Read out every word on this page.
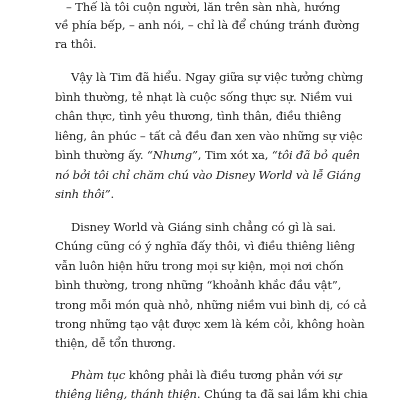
– Thế là tôi cuộn người, lăn trên sàn nhà, hướng
về phía bếp, – anh nói, – chỉ là để chúng tránh đường
ra thôi.
Vậy là Tim đã hiểu. Ngay giữa sự việc tưởng chừng
bình thường, tẻ nhạt là cuộc sống thực sự. Niềm vui
chân thực, tình yêu thương, tình thân, điều thiêng
liêng, ân phúc – tất cả đều đan xen vào những sự việc
bình thường ấy. “Nhưng”, Tim xót xa, “tôi đã bỏ quên
nó bởi tôi chỉ chăm chú vào Disney World và lễ Giáng
sinh thôi”.
Disney World và Giáng sinh chẳng có gì là sai.
Chúng cũng có ý nghĩa đấy thôi, vì điều thiêng liêng
vẫn luôn hiện hữu trong mọi sự kiện, mọi nơi chốn
bình thường, trong những “khoảnh khắc đầu vật”,
trong mỗi món quà nhỏ, những niềm vui bình dị, có cả
trong những tạo vật được xem là kém cỏi, không hoàn
thiện, dễ tổn thương.
Phàm tục không phải là điều tương phản với sự
thiêng liêng, thánh thiện. Chúng ta đã sai lầm khi chia
